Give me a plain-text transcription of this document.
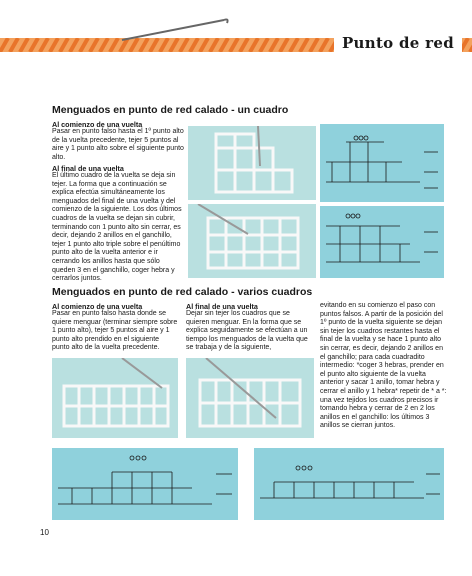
Punto de red
Menguados en punto de red calado - un cuadro
Al comienzo de una vuelta
Pasar en punto falso hasta el 1º punto alto de la vuelta precedente, tejer 5 puntos al aire y 1 punto alto sobre el siguiente punto alto.
Al final de una vuelta
El último cuadro de la vuelta se deja sin tejer. La forma que a continuación se explica efectúa simultáneamente los menguados del final de una vuelta y del comienzo de la siguiente. Los dos últimos cuadros de la vuelta se dejan sin cubrir, terminando con 1 punto alto sin cerrar, es decir, dejando 2 anillos en el ganchillo, tejer 1 punto alto triple sobre el penúltimo punto alto de la vuelta anterior e ir cerrando los anillos hasta que sólo queden 3 en el ganchillo, coger hebra y cerrarlos juntos.
Menguados en punto de red calado - varios cuadros
Al comienzo de una vuelta
Pasar en punto falso hasta donde se quiere menguar (terminar siempre sobre 1 punto alto), tejer 5 puntos al aire y 1 punto alto prendido en el siguiente punto alto de la vuelta precedente.
Al final de una vuelta
Dejar sin tejer los cuadros que se quieren menguar. En la forma que se explica seguidamente se efectúan a un tiempo los menguados de la vuelta que se trabaja y de la siguiente,
evitando en su comienzo el paso con puntos falsos. A partir de la posición del 1º punto de la vuelta siguiente se dejan sin tejer los cuadros restantes hasta el final de la vuelta y se hace 1 punto alto sin cerrar, es decir, dejando 2 anillos en el ganchillo; para cada cuadradito intermedio: *coger 3 hebras, prender en el punto alto siguiente de la vuelta anterior y sacar 1 anillo, tomar hebra y cerrar el anillo y 1 hebra* repetir de * a *: una vez tejidos los cuadros precisos ir tomando hebra y cerrar de 2 en 2 los anillos en el ganchillo: los últimos 3 anillos se cierran juntos.
10
